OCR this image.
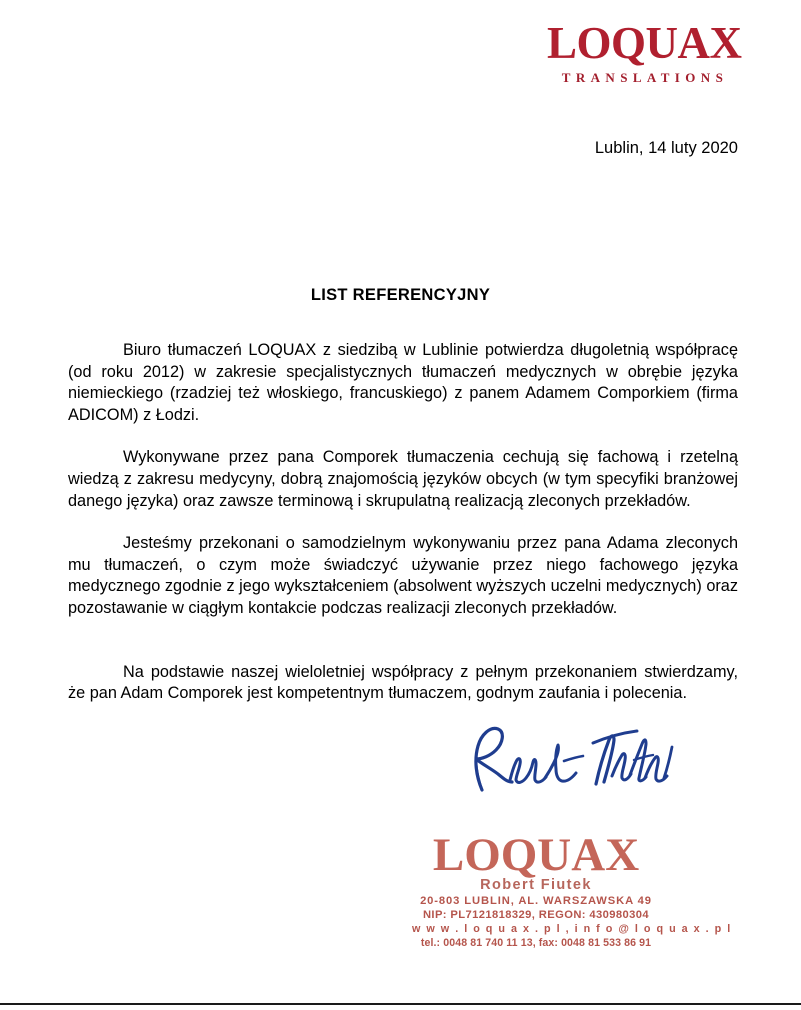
LOQUAX
TRANSLATIONS
Lublin, 14 luty 2020
LIST REFERENCYJNY

Biuro tłumaczeń LOQUAX z siedzibą w Lublinie potwierdza długoletnią współpracę (od roku 2012) w zakresie specjalistycznych tłumaczeń medycznych w obrębie języka niemieckiego (rzadziej też włoskiego, francuskiego) z panem Adamem Comporkiem (firma ADICOM) z Łodzi.

Wykonywane przez pana Comporek tłumaczenia cechują się fachową i rzetelną wiedzą z zakresu medycyny, dobrą znajomością języków obcych (w tym specyfiki branżowej danego języka) oraz zawsze terminową i skrupulatną realizacją zleconych przekładów.

Jesteśmy przekonani o samodzielnym wykonywaniu przez pana Adama zleconych mu tłumaczeń, o czym może świadczyć używanie przez niego fachowego języka medycznego zgodnie z jego wykształceniem (absolwent wyższych uczelni medycznych) oraz pozostawanie w ciągłym kontakcie podczas realizacji zleconych przekładów.

Na podstawie naszej wieloletniej współpracy z pełnym przekonaniem stwierdzamy, że pan Adam Comporek jest kompetentnym tłumaczem, godnym zaufania i polecenia.

LOQUAX
Robert Fiutek
20-803 LUBLIN, AL. WARSZAWSKA 49
NIP: PL7121818329, REGON: 430980304
w w w . l o q u a x . p l , i n f o @ l o q u a x . p l
tel.: 0048 81 740 11 13, fax: 0048 81 533 86 91
